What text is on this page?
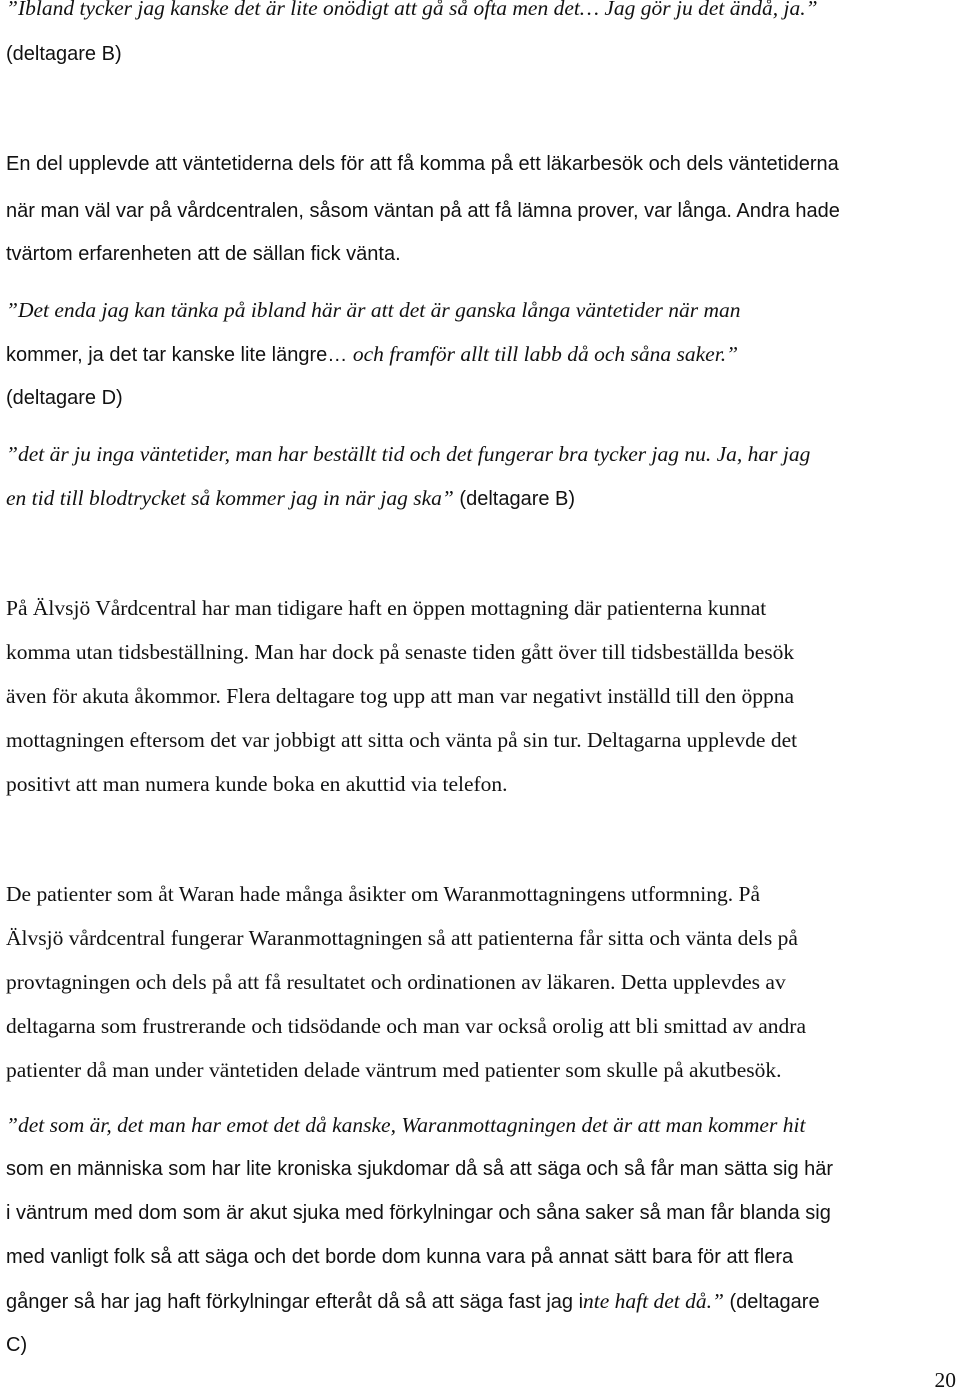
”Ibland tycker jag kanske det är lite onödigt att gå så ofta men det… Jag gör ju det ändå, ja.”
(deltagare B)
En del upplevde att väntetiderna dels för att få komma på ett läkarbesök och dels väntetiderna
när man väl var på vårdcentralen, såsom väntan på att få lämna prover, var långa. Andra hade
tvärtom erfarenheten att de sällan fick vänta.
”Det enda jag kan tänka på ibland här är att det är ganska långa väntetider när man
kommer, ja det tar kanske lite längre… och framför allt till labb då och såna saker.”
(deltagare D)
”det är ju inga väntetider, man har beställt tid och det fungerar bra tycker jag nu. Ja, har jag
en tid till blodtrycket så kommer jag in när jag ska” (deltagare B)
På Älvsjö Vårdcentral har man tidigare haft en öppen mottagning där patienterna kunnat
komma utan tidsbeställning. Man har dock på senaste tiden gått över till tidsbeställda besök
även för akuta åkommor. Flera deltagare tog upp att man var negativt inställd till den öppna
mottagningen eftersom det var jobbigt att sitta och vänta på sin tur. Deltagarna upplevde det
positivt att man numera kunde boka en akuttid via telefon.
De patienter som åt Waran hade många åsikter om Waranmottagningens utformning. På
Älvsjö vårdcentral fungerar Waranmottagningen så att patienterna får sitta och vänta dels på
provtagningen och dels på att få resultatet och ordinationen av läkaren. Detta upplevdes av
deltagarna som frustrerande och tidsödande och man var också orolig att bli smittad av andra
patienter då man under väntetiden delade väntrum med patienter som skulle på akutbesök.
”det som är, det man har emot det då kanske, Waranmottagningen det är att man kommer hit
som en människa som har lite kroniska sjukdomar då så att säga och så får man sätta sig här
i väntrum med dom som är akut sjuka med förkylningar och såna saker så man får blanda sig
med vanligt folk så att säga och det borde dom kunna vara på annat sätt bara för att flera
gånger så har jag haft förkylningar efteråt då så att säga fast jag inte haft det då.” (deltagare
C)
20
